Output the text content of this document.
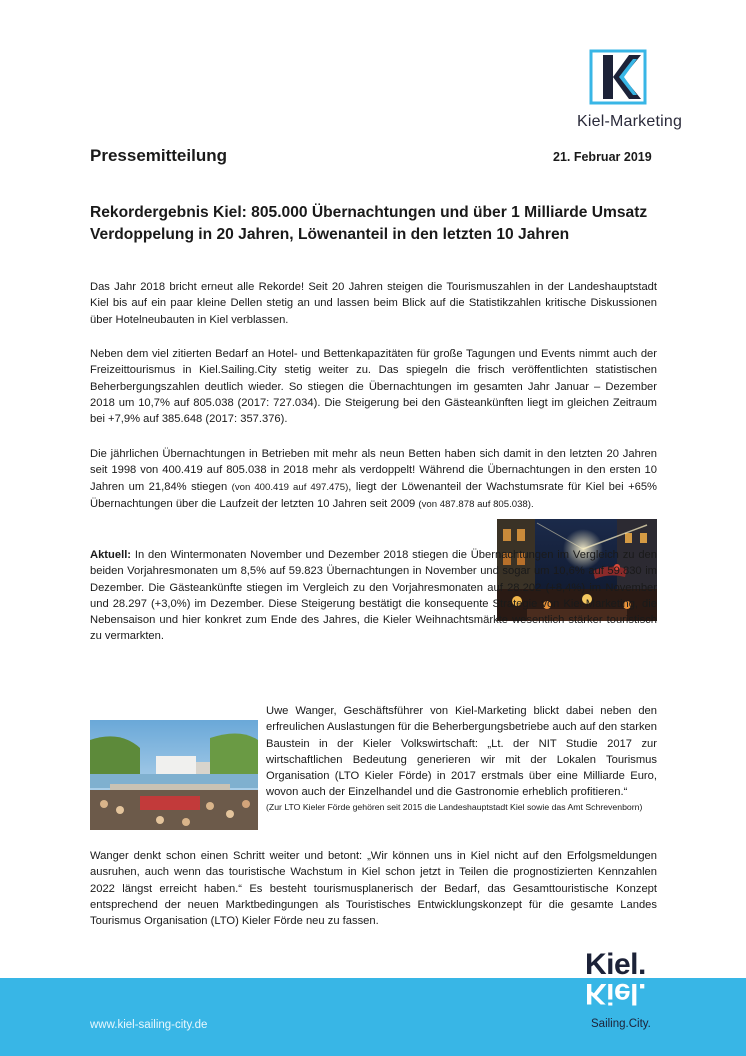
Kiel-Marketing
Pressemitteilung	21. Februar 2019
Rekordergebnis Kiel: 805.000 Übernachtungen und über 1 Milliarde Umsatz
Verdoppelung in 20 Jahren, Löwenanteil in den letzten 10 Jahren

Das Jahr 2018 bricht erneut alle Rekorde! Seit 20 Jahren steigen die Tourismuszahlen in der Landeshauptstadt Kiel bis auf ein paar kleine Dellen stetig an und lassen beim Blick auf die Statistikzahlen kritische Diskussionen über Hotelneubauten in Kiel verblassen.

Neben dem viel zitierten Bedarf an Hotel- und Bettenkapazitäten für große Tagungen und Events nimmt auch der Freizeittourismus in Kiel.Sailing.City stetig weiter zu. Das spiegeln die frisch veröffentlichten statistischen Beherbergungszahlen deutlich wieder. So stiegen die Übernachtungen im gesamten Jahr Januar – Dezember 2018 um 10,7% auf 805.038 (2017: 727.034). Die Steigerung bei den Gästeankünften liegt im gleichen Zeitraum bei +7,9% auf 385.648 (2017: 357.376).

Die jährlichen Übernachtungen in Betrieben mit mehr als neun Betten haben sich damit in den letzten 20 Jahren seit 1998 von 400.419 auf 805.038 in 2018 mehr als verdoppelt! Während die Übernachtungen in den ersten 10 Jahren um 21,84% stiegen (von 400.419 auf 497.475), liegt der Löwenanteil der Wachstumsrate für Kiel bei +65% Übernachtungen über die Laufzeit der letzten 10 Jahren seit 2009 (von 487.878 auf 805.038).

Aktuell: In den Wintermonaten November und Dezember 2018 stiegen die Übernachtungen im Vergleich zu den beiden Vorjahresmonaten um 8,5% auf 59.823 Übernachtungen in November und sogar um 10,6% auf 59.830 im Dezember. Die Gästeankünfte stiegen im Vergleich zu den Vorjahresmonaten auf 28.202 (+8,4%) im November und 28.297 (+3,0%) im Dezember. Diese Steigerung bestätigt die konsequente Strategie von Kiel-Marketing, die Nebensaison und hier konkret zum Ende des Jahres, die Kieler Weihnachtsmärkte wesentlich stärker touristisch zu vermarkten.

Uwe Wanger, Geschäftsführer von Kiel-Marketing blickt dabei neben den erfreulichen Auslastungen für die Beherbergungsbetriebe auch auf den starken Baustein in der Kieler Volkswirtschaft: „Lt. der NIT Studie 2017 zur wirtschaftlichen Bedeutung generieren wir mit der Lokalen Tourismus Organisation (LTO Kieler Förde) in 2017 erstmals über eine Milliarde Euro, wovon auch der Einzelhandel und die Gastronomie erheblich profitieren.“
(Zur LTO Kieler Förde gehören seit 2015 die Landeshauptstadt Kiel sowie das Amt Schrevenborn)

Wanger denkt schon einen Schritt weiter und betont: „Wir können uns in Kiel nicht auf den Erfolgsmeldungen ausruhen, auch wenn das touristische Wachstum in Kiel schon jetzt in Teilen die prognostizierten Kennzahlen 2022 längst erreicht haben.“ Es besteht tourismusplanerisch der Bedarf, das Gesamttouristische Konzept entsprechend der neuen Marktbedingungen als Touristisches Entwicklungskonzept für die gesamte Landes Tourismus Organisation (LTO) Kieler Förde neu zu fassen.

www.kiel-sailing-city.de
Kiel.
Kiel.
Sailing.City.
